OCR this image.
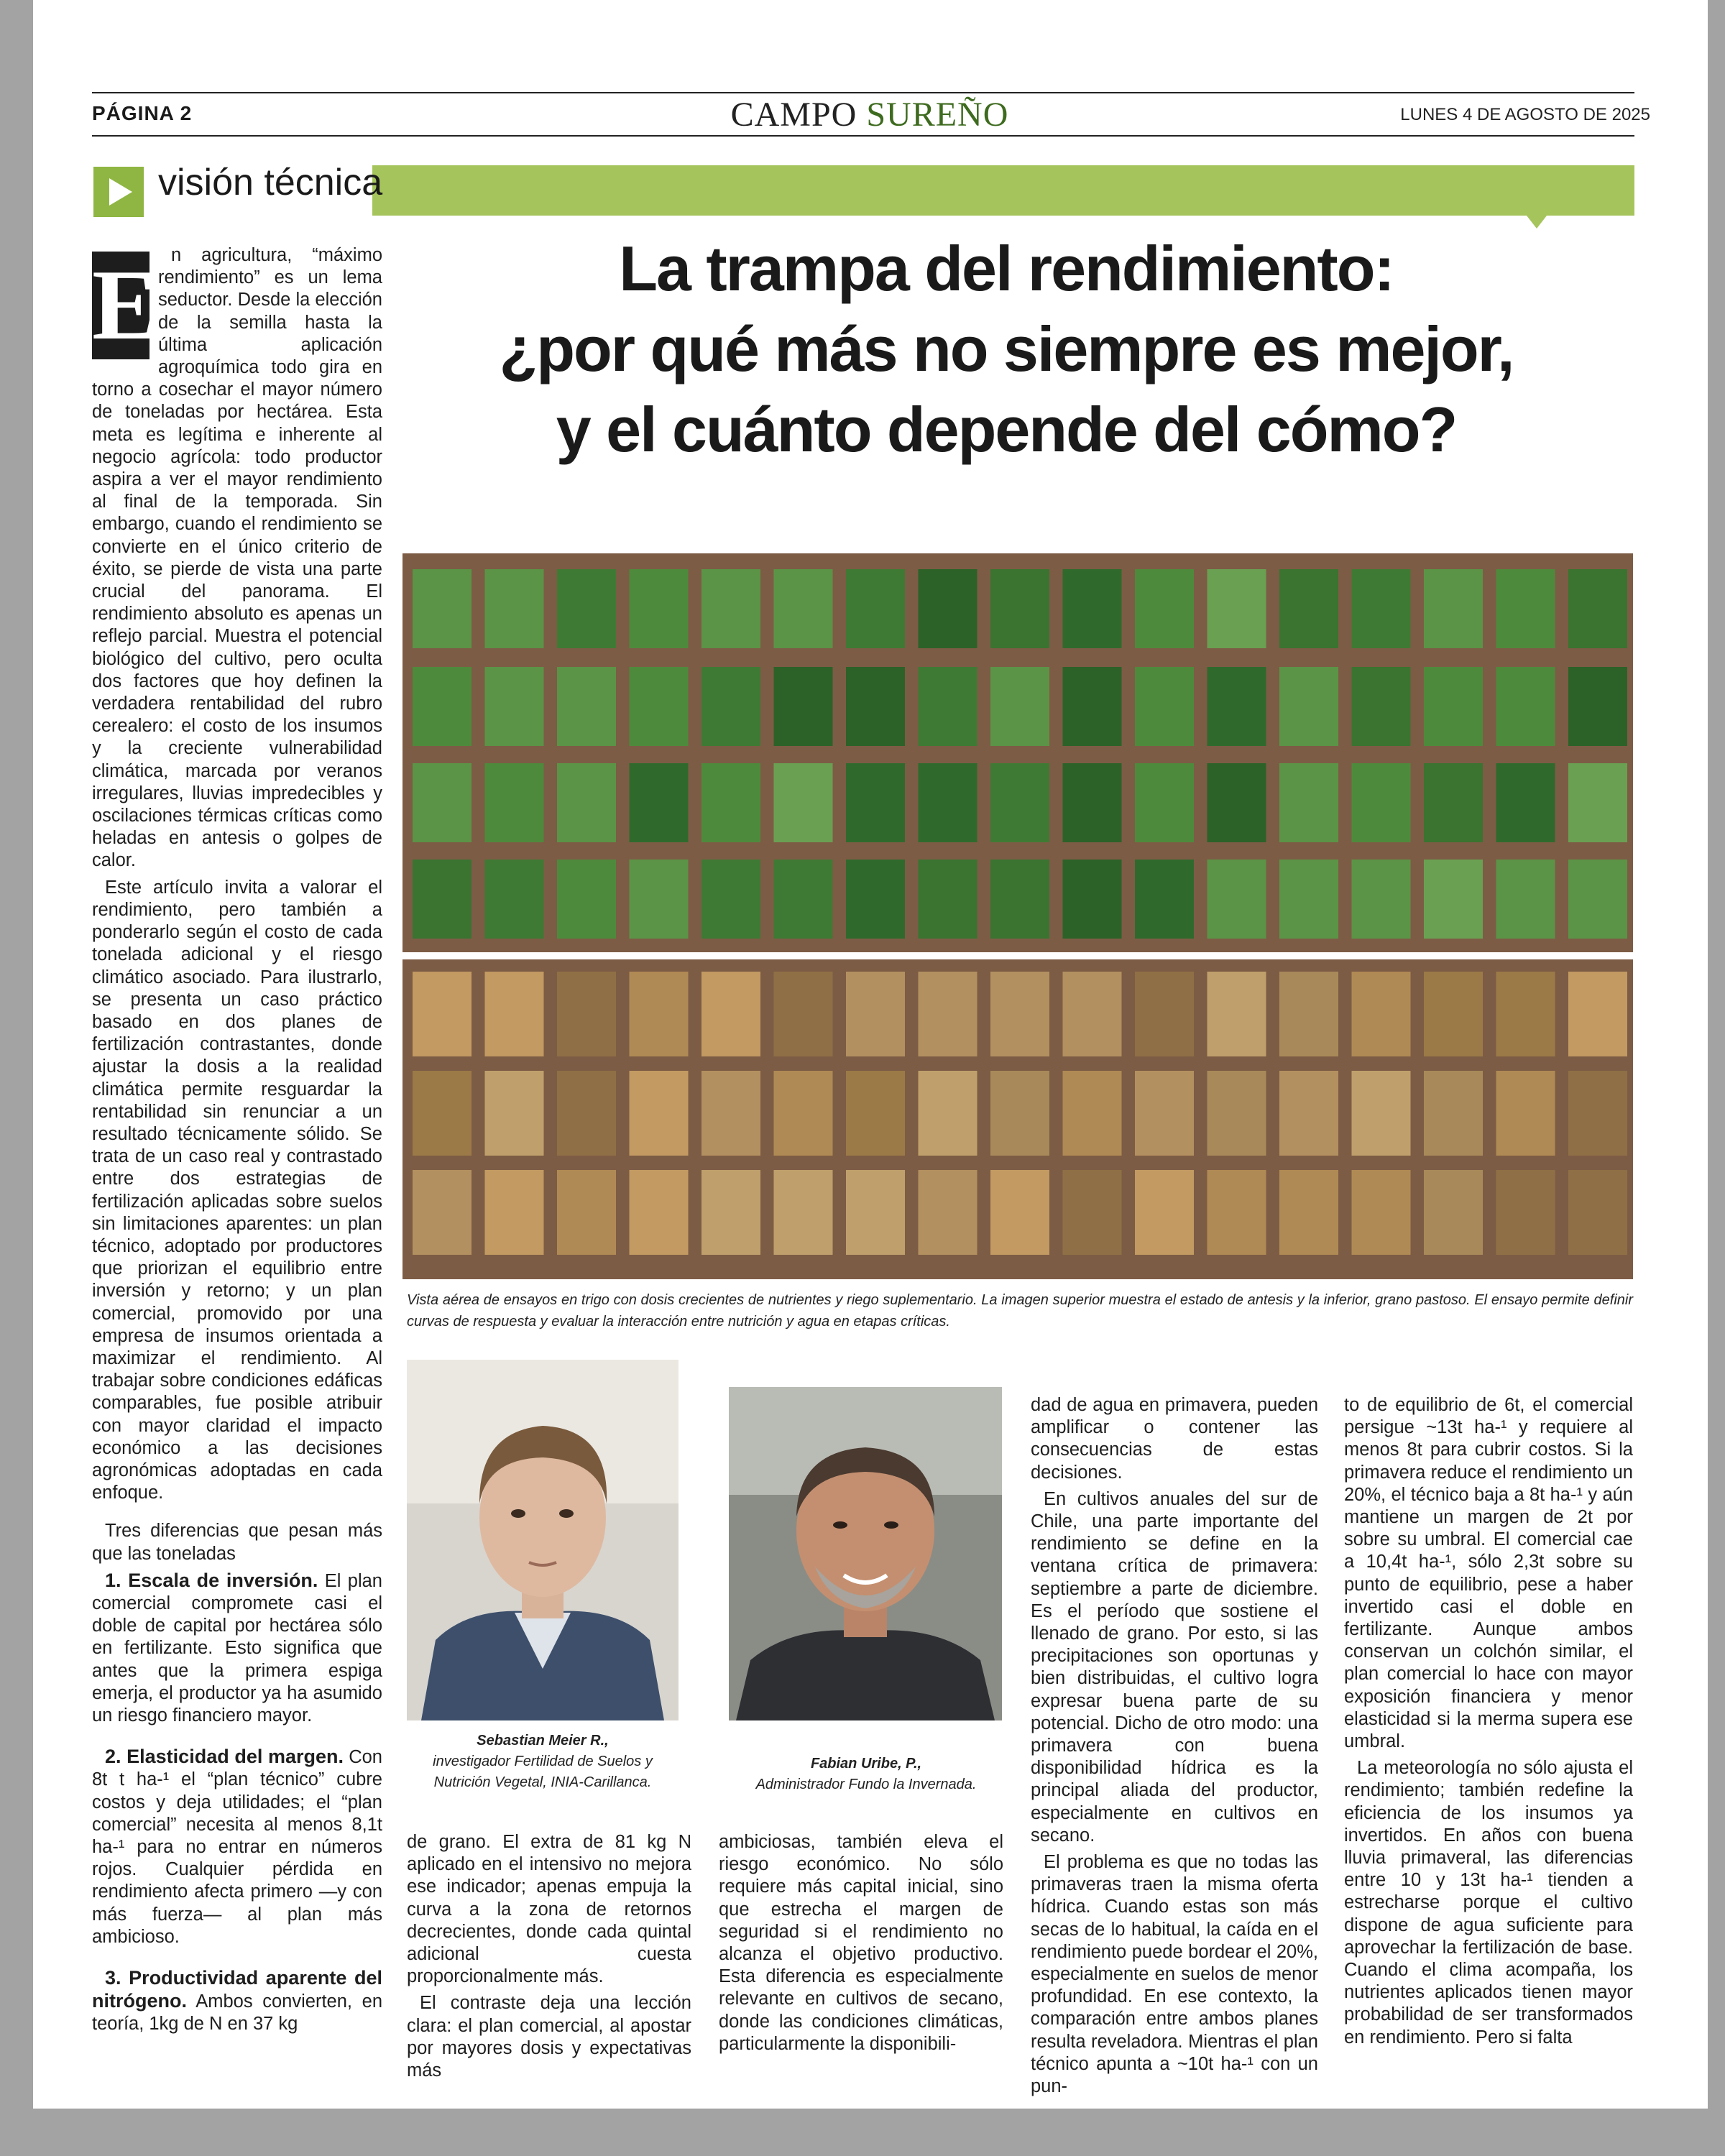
PÁGINA 2	CAMPO SUREÑO	LUNES 4 DE AGOSTO DE 2025
visión técnica
La trampa del rendimiento:
¿por qué más no siempre es mejor,
y el cuánto depende del cómo?
E n agricultura, “máximo rendimiento” es un lema seductor. Desde la elección de la semilla hasta la última aplicación agroquímica todo gira en torno a cosechar el mayor número de toneladas por hectárea. Esta meta es legítima e inherente al negocio agrícola: todo productor aspira a ver el mayor rendimiento al final de la temporada. Sin embargo, cuando el rendimiento se convierte en el único criterio de éxito, se pierde de vista una parte crucial del panorama. El rendimiento absoluto es apenas un reflejo parcial. Muestra el potencial biológico del cultivo, pero oculta dos factores que hoy definen la verdadera rentabilidad del rubro cerealero: el costo de los insumos y la creciente vulnerabilidad climática, marcada por veranos irregulares, lluvias impredecibles y oscilaciones térmicas críticas como heladas en antesis o golpes de calor.

Este artículo invita a valorar el rendimiento, pero también a ponderarlo según el costo de cada tonelada adicional y el riesgo climático asociado. Para ilustrarlo, se presenta un caso práctico basado en dos planes de fertilización contrastantes, donde ajustar la dosis a la realidad climática permite resguardar la rentabilidad sin renunciar a un resultado técnicamente sólido. Se trata de un caso real y contrastado entre dos estrategias de fertilización aplicadas sobre suelos sin limitaciones aparentes: un plan técnico, adoptado por productores que priorizan el equilibrio entre inversión y retorno; y un plan comercial, promovido por una empresa de insumos orientada a maximizar el rendimiento. Al trabajar sobre condiciones edáficas comparables, fue posible atribuir con mayor claridad el impacto económico a las decisiones agronómicas adoptadas en cada enfoque.

Tres diferencias que pesan más que las toneladas

1. Escala de inversión. El plan comercial compromete casi el doble de capital por hectárea sólo en fertilizante. Esto significa que antes que la primera espiga emerja, el productor ya ha asumido un riesgo financiero mayor.

2. Elasticidad del margen. Con 8t t ha-¹ el “plan técnico” cubre costos y deja utilidades; el “plan comercial” necesita al menos 8,1t ha-¹ para no entrar en números rojos. Cualquier pérdida en rendimiento afecta primero —y con más fuerza— al plan más ambicioso.

3. Productividad aparente del nitrógeno. Ambos convierten, en teoría, 1kg de N en 37 kg

Vista aérea de ensayos en trigo con dosis crecientes de nutrientes y riego suplementario. La imagen superior muestra el estado de antesis y la inferior, grano pastoso. El ensayo permite definir curvas de respuesta y evaluar la interacción entre nutrición y agua en etapas críticas.
Sebastian Meier R.,
investigador Fertilidad de Suelos y Nutrición Vegetal, INIA-Carillanca.
Fabian Uribe, P.,
Administrador Fundo la Invernada.

de grano. El extra de 81 kg N aplicado en el intensivo no mejora ese indicador; apenas empuja la curva a la zona de retornos decrecientes, donde cada quintal adicional cuesta proporcionalmente más.

El contraste deja una lección clara: el plan comercial, al apostar por mayores dosis y expectativas más

ambiciosas, también eleva el riesgo económico. No sólo requiere más capital inicial, sino que estrecha el margen de seguridad si el rendimiento no alcanza el objetivo productivo. Esta diferencia es especialmente relevante en cultivos de secano, donde las condiciones climáticas, particularmente la disponibili-

dad de agua en primavera, pueden amplificar o contener las consecuencias de estas decisiones.

En cultivos anuales del sur de Chile, una parte importante del rendimiento se define en la ventana crítica de primavera: septiembre a parte de diciembre. Es el período que sostiene el llenado de grano. Por esto, si las precipitaciones son oportunas y bien distribuidas, el cultivo logra expresar buena parte de su potencial. Dicho de otro modo: una primavera con buena disponibilidad hídrica es la principal aliada del productor, especialmente en cultivos en secano.

El problema es que no todas las primaveras traen la misma oferta hídrica. Cuando estas son más secas de lo habitual, la caída en el rendimiento puede bordear el 20%, especialmente en suelos de menor profundidad. En ese contexto, la comparación entre ambos planes resulta reveladora. Mientras el plan técnico apunta a ~10t ha-¹ con un pun-

to de equilibrio de 6t, el comercial persigue ~13t ha-¹ y requiere al menos 8t para cubrir costos. Si la primavera reduce el rendimiento un 20%, el técnico baja a 8t ha-¹ y aún mantiene un margen de 2t por sobre su umbral. El comercial cae a 10,4t ha-¹, sólo 2,3t sobre su punto de equilibrio, pese a haber invertido casi el doble en fertilizante. Aunque ambos conservan un colchón similar, el plan comercial lo hace con mayor exposición financiera y menor elasticidad si la merma supera ese umbral.

La meteorología no sólo ajusta el rendimiento; también redefine la eficiencia de los insumos ya invertidos. En años con buena lluvia primaveral, las diferencias entre 10 y 13t ha-¹ tienden a estrecharse porque el cultivo dispone de agua suficiente para aprovechar la fertilización de base. Cuando el clima acompaña, los nutrientes aplicados tienen mayor probabilidad de ser transformados en rendimiento. Pero si falta
